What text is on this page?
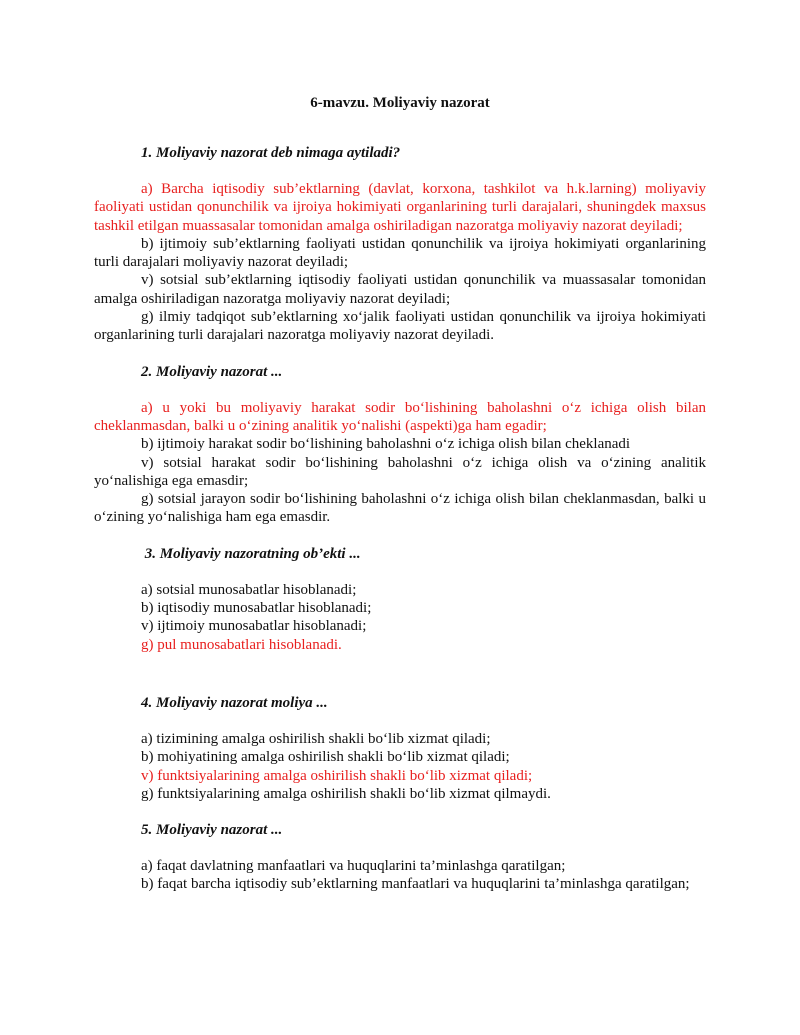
6-mavzu. Moliyaviy nazorat
1. Moliyaviy nazorat deb nimaga aytiladi?

a) Barcha iqtisodiy sub’ektlarning (davlat, korxona, tashkilot va h.k.larning) moliyaviy faoliyati ustidan qonunchilik va ijroiya hokimiyati organlarining turli darajalari, shuningdek maxsus tashkil etilgan muassasalar tomonidan amalga oshiriladigan nazoratga moliyaviy nazorat deyiladi;

b) ijtimoiy sub’ektlarning faoliyati ustidan qonunchilik va ijroiya hokimiyati organlarining turli darajalari moliyaviy nazorat deyiladi;

v) sotsial sub’ektlarning iqtisodiy faoliyati ustidan qonunchilik va muassasalar tomonidan amalga oshiriladigan nazoratga moliyaviy nazorat deyiladi;

g) ilmiy tadqiqot sub’ektlarning xo‘jalik faoliyati ustidan qonunchilik va ijroiya hokimiyati organlarining turli darajalari nazoratga moliyaviy nazorat deyiladi.

2. Moliyaviy nazorat ...

a) u yoki bu moliyaviy harakat sodir bo‘lishining baholashni o‘z ichiga olish bilan cheklanmasdan, balki u o‘zining analitik yo‘nalishi (aspekti)ga ham egadir;

b) ijtimoiy harakat sodir bo‘lishining baholashni o‘z ichiga olish bilan cheklanadi

v) sotsial harakat sodir bo‘lishining baholashni o‘z ichiga olish va o‘zining analitik yo‘nalishiga ega emasdir;

g) sotsial jarayon sodir bo‘lishining baholashni o‘z ichiga olish bilan cheklanmasdan, balki u o‘zining yo‘nalishiga ham ega emasdir.

3. Moliyaviy nazoratning ob’ekti ...

a) sotsial munosabatlar hisoblanadi;

b) iqtisodiy munosabatlar hisoblanadi;

v) ijtimoiy munosabatlar hisoblanadi;

g) pul munosabatlari hisoblanadi.

4. Moliyaviy nazorat moliya ...

a) tizimining amalga oshirilish shakli bo‘lib xizmat qiladi;

b) mohiyatining amalga oshirilish shakli bo‘lib xizmat qiladi;

v) funktsiyalarining amalga oshirilish shakli bo‘lib xizmat qiladi;

g) funktsiyalarining amalga oshirilish shakli bo‘lib xizmat qilmaydi.

5. Moliyaviy nazorat ...

a) faqat davlatning manfaatlari va huquqlarini ta’minlashga qaratilgan;

b) faqat barcha iqtisodiy sub’ektlarning manfaatlari va huquqlarini ta’minlashga qaratilgan;
